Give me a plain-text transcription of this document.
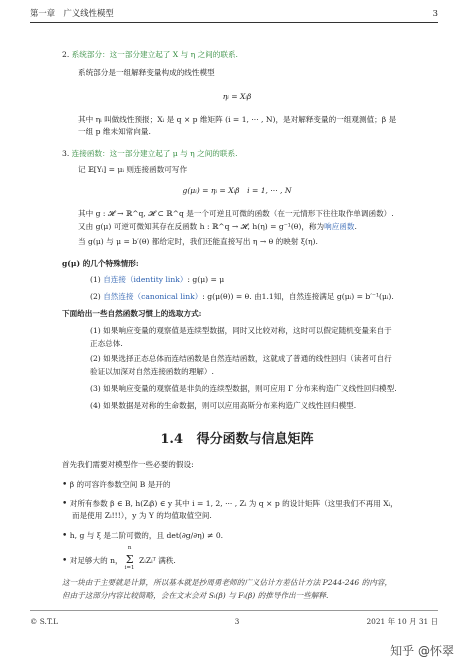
第一章　广义线性模型	3
2. 系统部分：这一部分建立起了 X 与 η 之间的联系.
系统部分是一组解释变量构成的线性模型
ηᵢ = Xᵢβ
其中 ηᵢ 叫做线性预报；Xᵢ 是 q × p 维矩阵 (i = 1, ··· , N)，是对解释变量的一组观测值；β 是
一组 p 维未知常向量.
3. 连接函数：这一部分建立起了 μ 与 η 之间的联系.
记 𝔼[Yᵢ] = μᵢ 则连接函数可写作
g(μᵢ) = ηᵢ = Xᵢβ　i = 1, ··· , N
其中 g : 𝓗 → ℝ^q, 𝓗 ⊂ ℝ^q 是一个可逆且可微的函数（在一元情形下往往取作单调函数）.
又由 g(μ) 可逆可微知其存在反函数 h : ℝ^q → 𝓗, h(η) = g⁻¹(θ)，称为响应函数.
当 g(μ) 与 μ = b′(θ) 都给定时，我们还能直接写出 η → θ 的映射 ξ(η).
g(μ) 的几个特殊情形:
(1) 自连接（identity link）: g(μ) = μ
(2) 自然连接（canonical link）: g(μ(θ)) = θ. 由1.1知，自然连接满足 g(μᵢ) = b′⁻¹(μᵢ).
下面给出一些自然函数习惯上的选取方式:
(1) 如果响应变量的观察值是连续型数据，同时又比较对称，这时可以假定随机变量来自于
正态总体.
(2) 如果选择正态总体而连结函数是自然连结函数，这就成了普通的线性回归（读者可自行
验证以加深对自然连接函数的理解）.
(3) 如果响应变量的观察值是非负的连续型数据，则可应用 Γ 分布来构造广义线性回归模型.
(4) 如果数据是对称的生命数据，则可以应用高斯分布来构造广义线性回归模型.
1.4 得分函数与信息矩阵
首先我们需要对模型作一些必要的假设:
• β 的可容许参数空间 B 是开的
• 对所有参数 β ∈ B, h(Zᵢβ) ∈ y 其中 i = 1, 2, ··· , Zᵢ 为 q × p 的设计矩阵（这里我们不再用 Xᵢ，
而是使用 Zᵢ!!!），y 为 Y 的均值取值空间.
• h, g 与 ξ 是二阶可微的，且 det(∂g/∂η) ≠ 0.
• 对足够大的 n，
n
Σ
i=1
ZᵢZᵢᵀ 满秩.
这一块由于主要就是计算，所以基本就是抄周勇老师的广义估计方差估计方法 P244-246 的内容，
但由于这部分内容比较简略，会在文末会对 Sᵢ(β) 与 Fᵢ(β) 的推导作出一些解释.
© S.T.L	3	2021 年 10 月 31 日
知乎 @怀翠
